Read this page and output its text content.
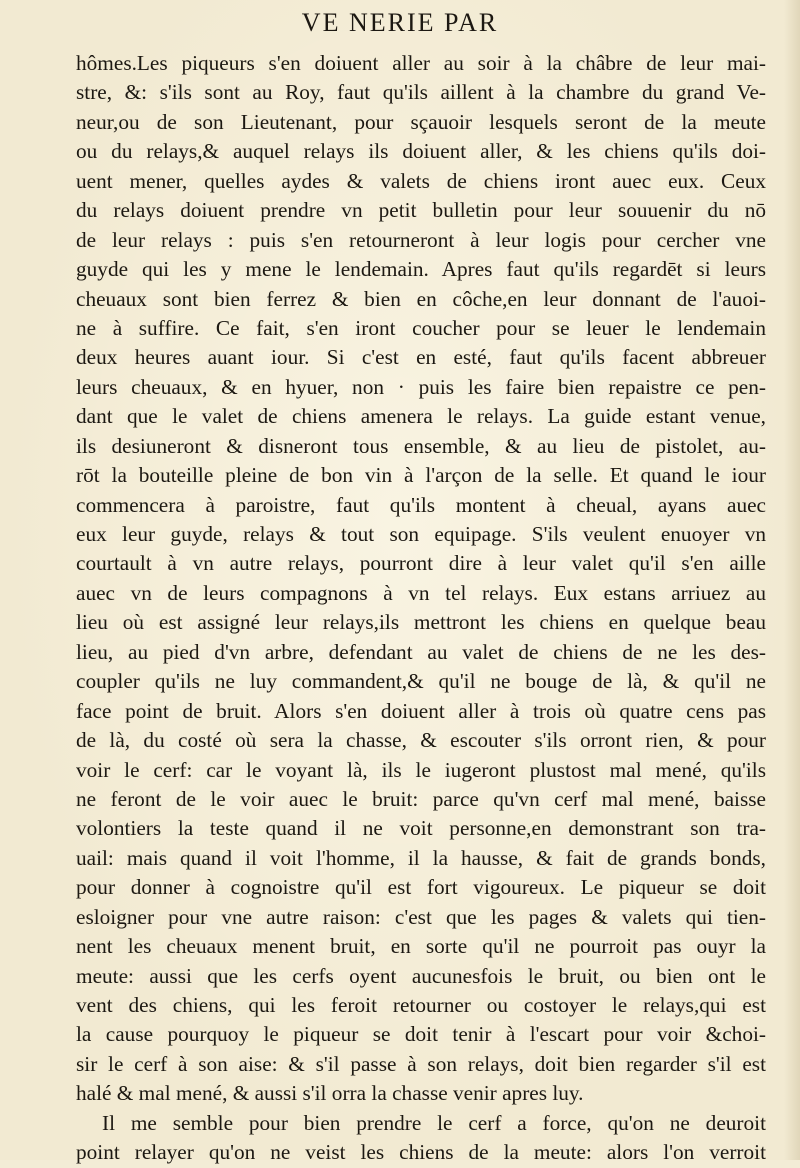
VE NERIE PAR
hômes.Les piqueurs s'en doiuent aller au soir à la châbre de leur mai-
stre, &: s'ils sont au Roy, faut qu'ils aillent à la chambre du grand Ve-
neur,ou de son Lieutenant, pour sçauoir lesquels seront de la meute
ou du relays,& auquel relays ils doiuent aller, & les chiens qu'ils doi-
uent mener, quelles aydes & valets de chiens iront auec eux. Ceux
du relays doiuent prendre vn petit bulletin pour leur souuenir du nō
de leur relays : puis s'en retourneront à leur logis pour cercher vne
guyde qui les y mene le lendemain. Apres faut qu'ils regardēt si leurs
cheuaux sont bien ferrez & bien en côche,en leur donnant de l'auoi-
ne à suffire. Ce fait, s'en iront coucher pour se leuer le lendemain
deux heures auant iour. Si c'est en esté, faut qu'ils facent abbreuer
leurs cheuaux, & en hyuer, non · puis les faire bien repaistre ce pen-
dant que le valet de chiens amenera le relays. La guide estant venue,
ils desiuneront & disneront tous ensemble, & au lieu de pistolet, au-
rōt la bouteille pleine de bon vin à l'arçon de la selle. Et quand le iour
commencera à paroistre, faut qu'ils montent à cheual, ayans auec
eux leur guyde, relays & tout son equipage. S'ils veulent enuoyer vn
courtault à vn autre relays, pourront dire à leur valet qu'il s'en aille
auec vn de leurs compagnons à vn tel relays. Eux estans arriuez au
lieu où est assigné leur relays,ils mettront les chiens en quelque beau
lieu, au pied d'vn arbre, defendant au valet de chiens de ne les des-
coupler qu'ils ne luy commandent,& qu'il ne bouge de là, & qu'il ne
face point de bruit. Alors s'en doiuent aller à trois où quatre cens pas
de là, du costé où sera la chasse, & escouter s'ils orront rien, & pour
voir le cerf: car le voyant là, ils le iugeront plustost mal mené, qu'ils
ne feront de le voir auec le bruit: parce qu'vn cerf mal mené, baisse
volontiers la teste quand il ne voit personne,en demonstrant son tra-
uail: mais quand il voit l'homme, il la hausse, & fait de grands bonds,
pour donner à cognoistre qu'il est fort vigoureux. Le piqueur se doit
esloigner pour vne autre raison: c'est que les pages & valets qui tien-
nent les cheuaux menent bruit, en sorte qu'il ne pourroit pas ouyr la
meute: aussi que les cerfs oyent aucunesfois le bruit, ou bien ont le
vent des chiens, qui les feroit retourner ou costoyer le relays,qui est
la cause pourquoy le piqueur se doit tenir à l'escart pour voir &choi-
sir le cerf à son aise: & s'il passe à son relays, doit bien regarder s'il est
halé & mal mené, & aussi s'il orra la chasse venir apres luy.
Il me semble pour bien prendre le cerf a force, qu'on ne deuroit
point relayer qu'on ne veist les chiens de la meute: alors l'on verroit
